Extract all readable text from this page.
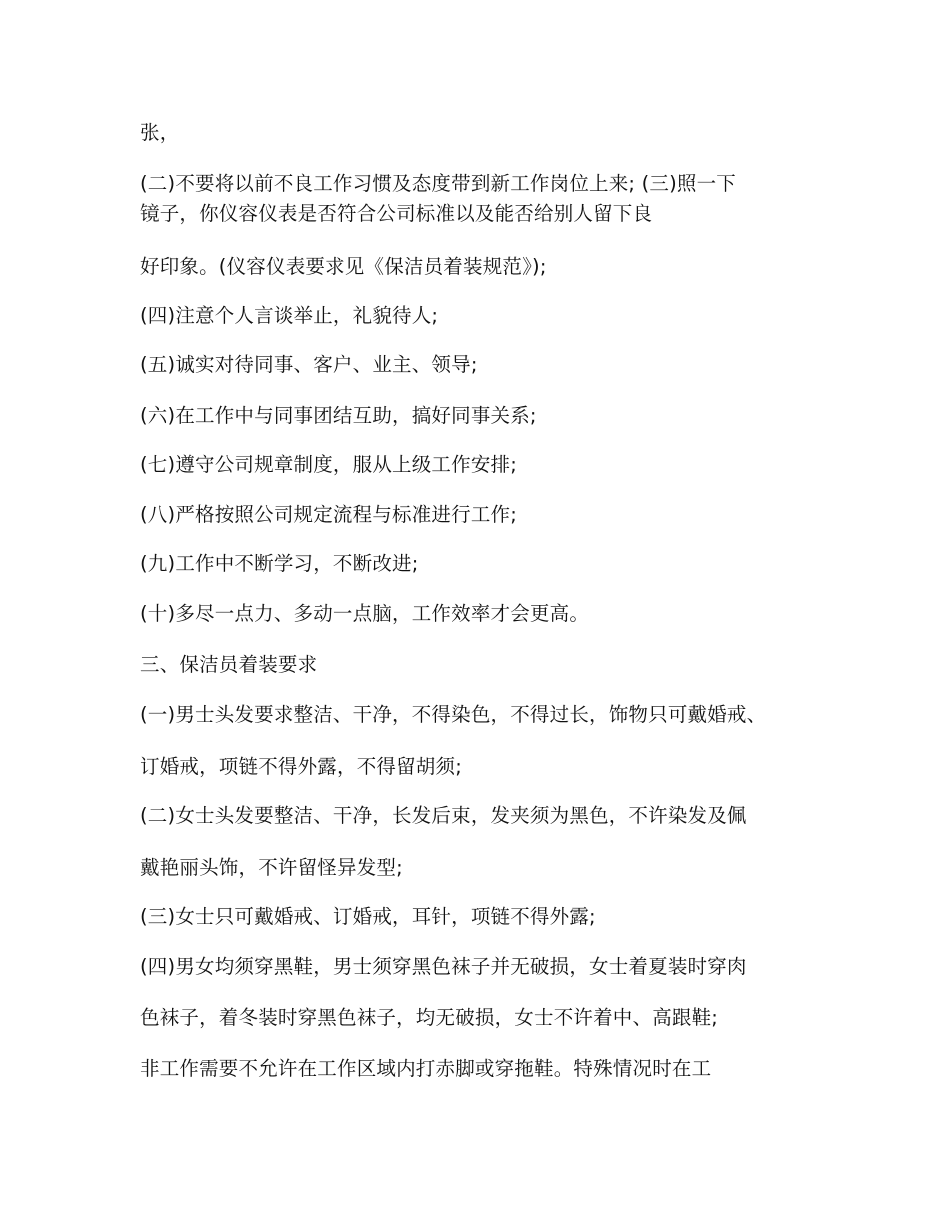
张，
(二)不要将以前不良工作习惯及态度带到新工作岗位上来; (三)照一下
镜子，你仪容仪表是否符合公司标准以及能否给别人留下良
好印象。(仪容仪表要求见《保洁员着装规范》);
(四)注意个人言谈举止，礼貌待人;
(五)诚实对待同事、客户、业主、领导;
(六)在工作中与同事团结互助，搞好同事关系;
(七)遵守公司规章制度，服从上级工作安排;
(八)严格按照公司规定流程与标准进行工作;
(九)工作中不断学习，不断改进;
(十)多尽一点力、多动一点脑，工作效率才会更高。
三、保洁员着装要求
(一)男士头发要求整洁、干净，不得染色，不得过长，饰物只可戴婚戒、
订婚戒，项链不得外露，不得留胡须;
(二)女士头发要整洁、干净，长发后束，发夹须为黑色，不许染发及佩
戴艳丽头饰，不许留怪异发型;
(三)女士只可戴婚戒、订婚戒，耳针，项链不得外露;
(四)男女均须穿黑鞋，男士须穿黑色袜子并无破损，女士着夏装时穿肉
色袜子，着冬装时穿黑色袜子，均无破损，女士不许着中、高跟鞋;
非工作需要不允许在工作区域内打赤脚或穿拖鞋。特殊情况时在工
